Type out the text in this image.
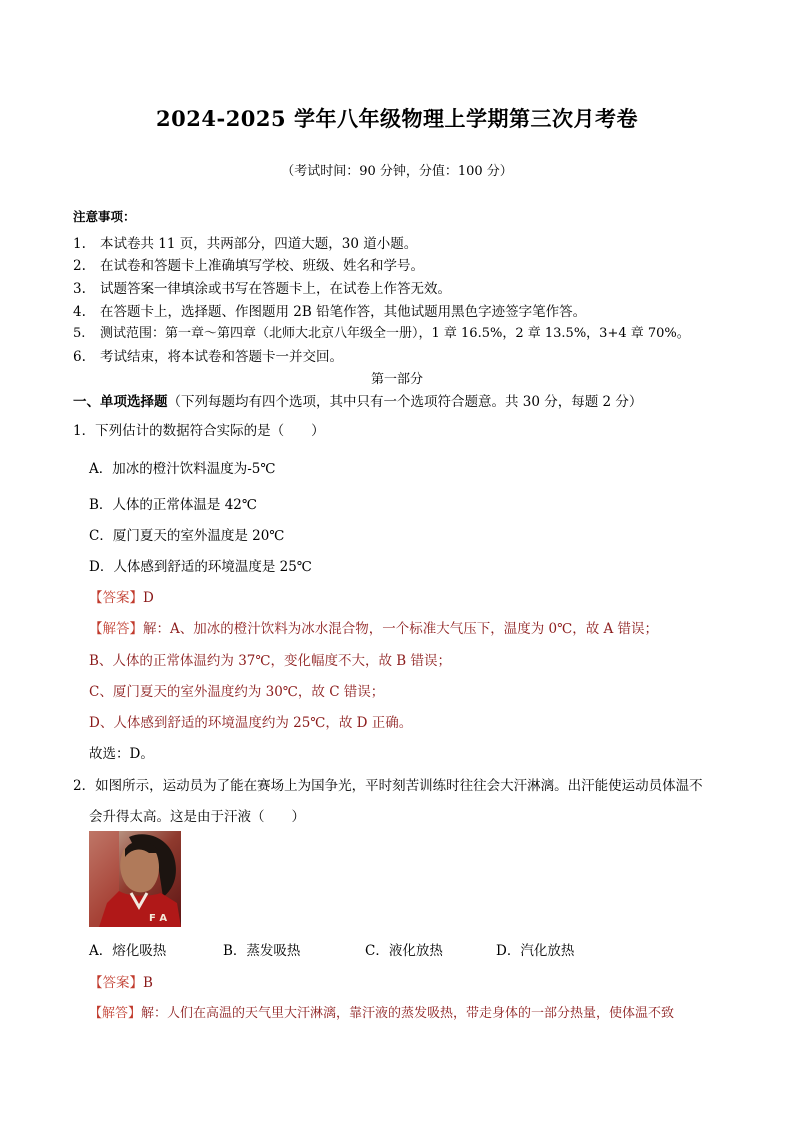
2024-2025 学年八年级物理上学期第三次月考卷
（考试时间：90 分钟，分值：100 分）
注意事项：
1. 本试卷共 11 页，共两部分，四道大题，30 道小题。
2. 在试卷和答题卡上准确填写学校、班级、姓名和学号。
3. 试题答案一律填涂或书写在答题卡上，在试卷上作答无效。
4. 在答题卡上，选择题、作图题用 2B 铅笔作答，其他试题用黑色字迹签字笔作答。
5. 测试范围：第一章～第四章（北师大北京八年级全一册），1 章 16.5%，2 章 13.5%，3+4 章 70%。
6. 考试结束，将本试卷和答题卡一并交回。
第一部分
一、单项选择题（下列每题均有四个选项，其中只有一个选项符合题意。共 30 分，每题 2 分）
1．下列估计的数据符合实际的是（　　）
A．加冰的橙汁饮料温度为-5℃
B．人体的正常体温是 42℃
C．厦门夏天的室外温度是 20℃
D．人体感到舒适的环境温度是 25℃
【答案】D
【解答】解：A、加冰的橙汁饮料为冰水混合物，一个标准大气压下，温度为 0℃，故 A 错误；
B、人体的正常体温约为 37℃，变化幅度不大，故 B 错误；
C、厦门夏天的室外温度约为 30℃，故 C 错误；
D、人体感到舒适的环境温度约为 25℃，故 D 正确。
故选：D。
2．如图所示，运动员为了能在赛场上为国争光，平时刻苦训练时往往会大汗淋漓。出汗能使运动员体温不
会升得太高。这是由于汗液（　　）
F A
A．熔化吸热	B．蒸发吸热	C．液化放热	D．汽化放热
【答案】B
【解答】解：人们在高温的天气里大汗淋漓，靠汗液的蒸发吸热，带走身体的一部分热量，使体温不致
